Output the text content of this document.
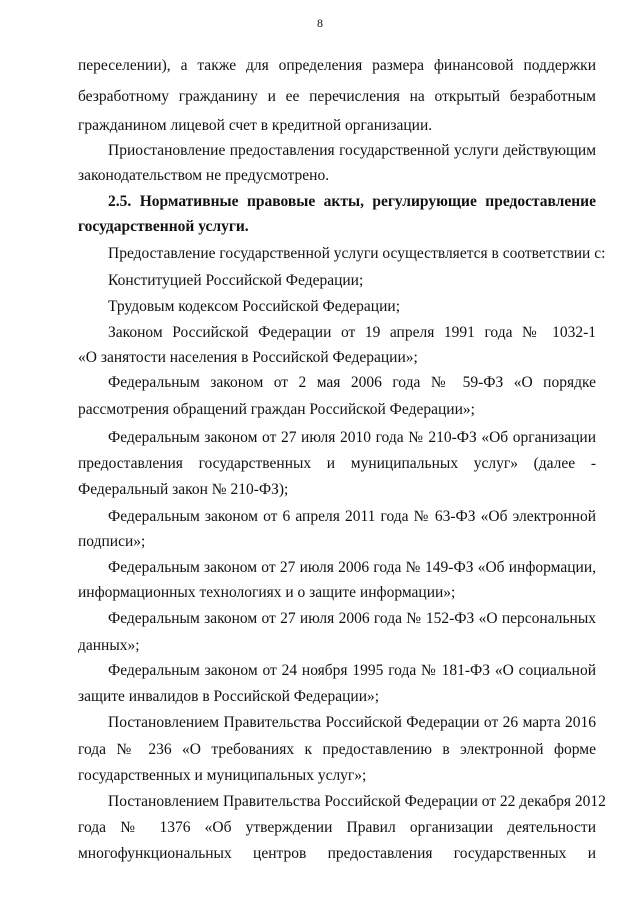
8
переселении), а также для определения размера финансовой поддержки
безработному гражданину и ее перечисления на открытый безработным
гражданином лицевой счет в кредитной организации.
Приостановление предоставления государственной услуги действующим
законодательством не предусмотрено.
2.5. Нормативные правовые акты, регулирующие предоставление
государственной услуги.
Предоставление государственной услуги осуществляется в соответствии с:
Конституцией Российской Федерации;
Трудовым кодексом Российской Федерации;
Законом Российской Федерации от 19 апреля 1991 года № 1032-1
«О занятости населения в Российской Федерации»;
Федеральным законом от 2 мая 2006 года № 59-ФЗ «О порядке
рассмотрения обращений граждан Российской Федерации»;
Федеральным законом от 27 июля 2010 года № 210-ФЗ «Об организации
предоставления государственных и муниципальных услуг» (далее -
Федеральный закон № 210-ФЗ);
Федеральным законом от 6 апреля 2011 года № 63-ФЗ «Об электронной
подписи»;
Федеральным законом от 27 июля 2006 года № 149-ФЗ «Об информации,
информационных технологиях и о защите информации»;
Федеральным законом от 27 июля 2006 года № 152-ФЗ «О персональных
данных»;
Федеральным законом от 24 ноября 1995 года № 181-ФЗ «О социальной
защите инвалидов в Российской Федерации»;
Постановлением Правительства Российской Федерации от 26 марта 2016
года № 236 «О требованиях к предоставлению в электронной форме
государственных и муниципальных услуг»;
Постановлением Правительства Российской Федерации от 22 декабря 2012
года № 1376 «Об утверждении Правил организации деятельности
многофункциональных центров предоставления государственных и
